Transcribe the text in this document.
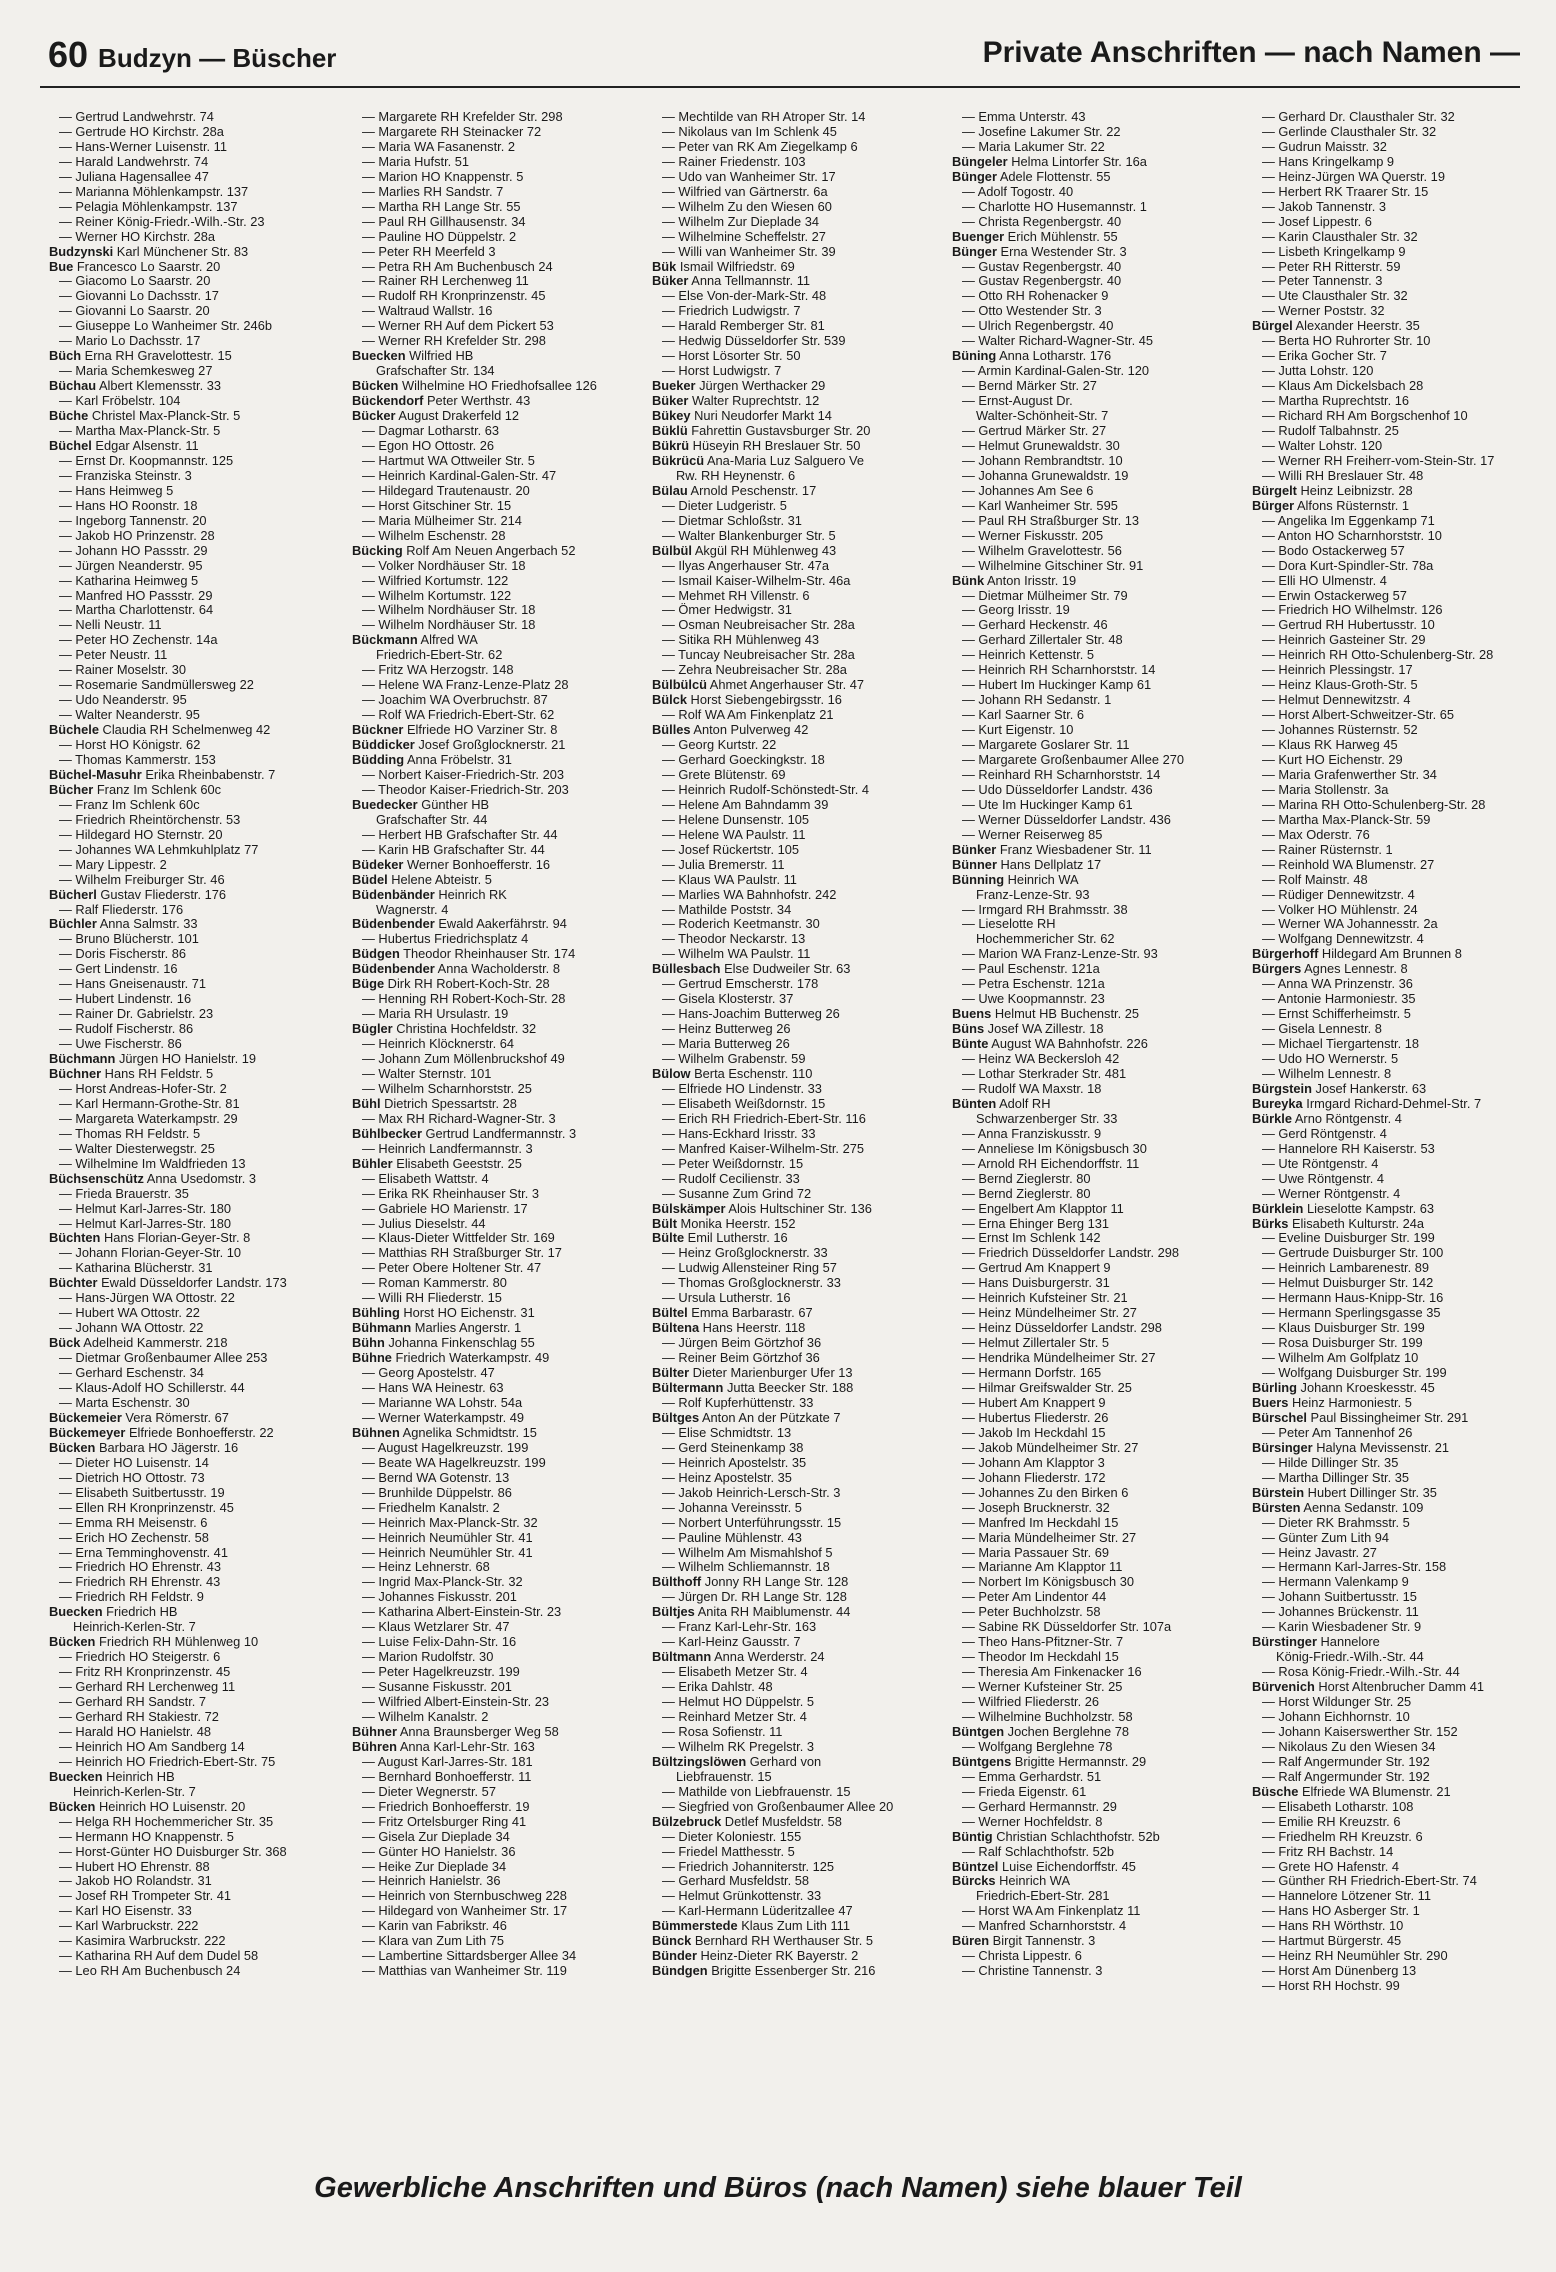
60 Budzyn — Büscher	Private Anschriften — nach Namen —
— Gertrud Landwehrstr. 74
— Gertrude HO Kirchstr. 28a
— Hans-Werner Luisenstr. 11
— Harald Landwehrstr. 74
— Juliana Hagensallee 47
— Marianna Möhlenkampstr. 137
— Pelagia Möhlenkampstr. 137
— Reiner König-Friedr.-Wilh.-Str. 23
— Werner HO Kirchstr. 28a
Budzynski Karl Münchener Str. 83
Bue Francesco Lo Saarstr. 20
— Giacomo Lo Saarstr. 20
— Giovanni Lo Dachsstr. 17
— Giovanni Lo Saarstr. 20
— Giuseppe Lo Wanheimer Str. 246b
— Mario Lo Dachsstr. 17
Büch Erna RH Gravelottestr. 15
— Maria Schemkesweg 27
Büchau Albert Klemensstr. 33
— Karl Fröbelstr. 104
Büche Christel Max-Planck-Str. 5
— Martha Max-Planck-Str. 5
Büchel Edgar Alsenstr. 11
— Ernst Dr. Koopmannstr. 125
— Franziska Steinstr. 3
— Hans Heimweg 5
— Hans HO Roonstr. 18
— Ingeborg Tannenstr. 20
— Jakob HO Prinzenstr. 28
— Johann HO Passstr. 29
— Jürgen Neanderstr. 95
— Katharina Heimweg 5
— Manfred HO Passstr. 29
— Martha Charlottenstr. 64
— Nelli Neustr. 11
— Peter HO Zechenstr. 14a
— Peter Neustr. 11
— Rainer Moselstr. 30
— Rosemarie Sandmüllersweg 22
— Udo Neanderstr. 95
— Walter Neanderstr. 95
Büchele Claudia RH Schelmenweg 42
— Horst HO Königstr. 62
— Thomas Kammerstr. 153
Büchel-Masuhr Erika Rheinbabenstr. 7
Bücher Franz Im Schlenk 60c
— Franz Im Schlenk 60c
— Friedrich Rheintörchenstr. 53
— Hildegard HO Sternstr. 20
— Johannes WA Lehmkuhlplatz 77
— Mary Lippestr. 2
— Wilhelm Freiburger Str. 46
Bücherl Gustav Fliederstr. 176
— Ralf Fliederstr. 176
Büchler Anna Salmstr. 33
— Bruno Blücherstr. 101
— Doris Fischerstr. 86
— Gert Lindenstr. 16
— Hans Gneisenaustr. 71
— Hubert Lindenstr. 16
— Rainer Dr. Gabrielstr. 23
— Rudolf Fischerstr. 86
— Uwe Fischerstr. 86
Büchmann Jürgen HO Hanielstr. 19
Büchner Hans RH Feldstr. 5
— Horst Andreas-Hofer-Str. 2
— Karl Hermann-Grothe-Str. 81
— Margareta Waterkampstr. 29
— Thomas RH Feldstr. 5
— Walter Diesterwegstr. 25
— Wilhelmine Im Waldfrieden 13
Büchsenschütz Anna Usedomstr. 3
— Frieda Brauerstr. 35
— Helmut Karl-Jarres-Str. 180
— Helmut Karl-Jarres-Str. 180
Büchten Hans Florian-Geyer-Str. 8
— Johann Florian-Geyer-Str. 10
— Katharina Blücherstr. 31
Büchter Ewald Düsseldorfer Landstr. 173
— Hans-Jürgen WA Ottostr. 22
— Hubert WA Ottostr. 22
— Johann WA Ottostr. 22
Bück Adelheid Kammerstr. 218
— Dietmar Großenbaumer Allee 253
— Gerhard Eschenstr. 34
— Klaus-Adolf HO Schillerstr. 44
— Marta Eschenstr. 30
Bückemeier Vera Römerstr. 67
Bückemeyer Elfriede Bonhoefferstr. 22
Bücken Barbara HO Jägerstr. 16
— Dieter HO Luisenstr. 14
— Dietrich HO Ottostr. 73
— Elisabeth Suitbertusstr. 19
— Ellen RH Kronprinzenstr. 45
— Emma RH Meisenstr. 6
— Erich HO Zechenstr. 58
— Erna Temminghovenstr. 41
— Friedrich HO Ehrenstr. 43
— Friedrich RH Ehrenstr. 43
— Friedrich RH Feldstr. 9
Buecken Friedrich HB
Heinrich-Kerlen-Str. 7
Bücken Friedrich RH Mühlenweg 10
— Friedrich HO Steigerstr. 6
— Fritz RH Kronprinzenstr. 45
— Gerhard RH Lerchenweg 11
— Gerhard RH Sandstr. 7
— Gerhard RH Stakiestr. 72
— Harald HO Hanielstr. 48
— Heinrich HO Am Sandberg 14
— Heinrich HO Friedrich-Ebert-Str. 75
Buecken Heinrich HB
Heinrich-Kerlen-Str. 7
Bücken Heinrich HO Luisenstr. 20
— Helga RH Hochemmericher Str. 35
— Hermann HO Knappenstr. 5
— Horst-Günter HO Duisburger Str. 368
— Hubert HO Ehrenstr. 88
— Jakob HO Rolandstr. 31
— Josef RH Trompeter Str. 41
— Karl HO Eisenstr. 33
— Karl Warbruckstr. 222
— Kasimira Warbruckstr. 222
— Katharina RH Auf dem Dudel 58
— Leo RH Am Buchenbusch 24
— Margarete RH Krefelder Str. 298
— Margarete RH Steinacker 72
— Maria WA Fasanenstr. 2
— Maria Hufstr. 51
— Marion HO Knappenstr. 5
— Marlies RH Sandstr. 7
— Martha RH Lange Str. 55
— Paul RH Gillhausenstr. 34
— Pauline HO Düppelstr. 2
— Peter RH Meerfeld 3
— Petra RH Am Buchenbusch 24
— Rainer RH Lerchenweg 11
— Rudolf RH Kronprinzenstr. 45
— Waltraud Wallstr. 16
— Werner RH Auf dem Pickert 53
— Werner RH Krefelder Str. 298
Buecken Wilfried HB
Grafschafter Str. 134
Bücken Wilhelmine HO Friedhofsallee 126
Bückendorf Peter Werthstr. 43
Bücker August Drakerfeld 12
— Dagmar Lotharstr. 63
— Egon HO Ottostr. 26
— Hartmut WA Ottweiler Str. 5
— Heinrich Kardinal-Galen-Str. 47
— Hildegard Trautenaustr. 20
— Horst Gitschiner Str. 15
— Maria Mülheimer Str. 214
— Wilhelm Eschenstr. 28
Bücking Rolf Am Neuen Angerbach 52
— Volker Nordhäuser Str. 18
— Wilfried Kortumstr. 122
— Wilhelm Kortumstr. 122
— Wilhelm Nordhäuser Str. 18
— Wilhelm Nordhäuser Str. 18
Bückmann Alfred WA
Friedrich-Ebert-Str. 62
— Fritz WA Herzogstr. 148
— Helene WA Franz-Lenze-Platz 28
— Joachim WA Overbruchstr. 87
— Rolf WA Friedrich-Ebert-Str. 62
Bückner Elfriede HO Varziner Str. 8
Büddicker Josef Großglocknerstr. 21
Büdding Anna Fröbelstr. 31
— Norbert Kaiser-Friedrich-Str. 203
— Theodor Kaiser-Friedrich-Str. 203
Buedecker Günther HB
Grafschafter Str. 44
— Herbert HB Grafschafter Str. 44
— Karin HB Grafschafter Str. 44
Büdeker Werner Bonhoefferstr. 16
Büdel Helene Abteistr. 5
Büdenbänder Heinrich RK
Wagnerstr. 4
Büdenbender Ewald Aakerfährstr. 94
— Hubertus Friedrichsplatz 4
Büdgen Theodor Rheinhauser Str. 174
Büdenbender Anna Wacholderstr. 8
Büge Dirk RH Robert-Koch-Str. 28
— Henning RH Robert-Koch-Str. 28
— Maria RH Ursulastr. 19
Bügler Christina Hochfeldstr. 32
— Heinrich Klöcknerstr. 64
— Johann Zum Möllenbruckshof 49
— Walter Sternstr. 101
— Wilhelm Scharnhorststr. 25
Bühl Dietrich Spessartstr. 28
— Max RH Richard-Wagner-Str. 3
Bühlbecker Gertrud Landfermannstr. 3
— Heinrich Landfermannstr. 3
Bühler Elisabeth Geeststr. 25
— Elisabeth Wattstr. 4
— Erika RK Rheinhauser Str. 3
— Gabriele HO Marienstr. 17
— Julius Dieselstr. 44
— Klaus-Dieter Wittfelder Str. 169
— Matthias RH Straßburger Str. 17
— Peter Obere Holtener Str. 47
— Roman Kammerstr. 80
— Willi RH Fliederstr. 15
Bühling Horst HO Eichenstr. 31
Bühmann Marlies Angerstr. 1
Bühn Johanna Finkenschlag 55
Bühne Friedrich Waterkampstr. 49
— Georg Apostelstr. 47
— Hans WA Heinestr. 63
— Marianne WA Lohstr. 54a
— Werner Waterkampstr. 49
Bühnen Agnelika Schmidtstr. 15
— August Hagelkreuzstr. 199
— Beate WA Hagelkreuzstr. 199
— Bernd WA Gotenstr. 13
— Brunhilde Düppelstr. 86
— Friedhelm Kanalstr. 2
— Heinrich Max-Planck-Str. 32
— Heinrich Neumühler Str. 41
— Heinrich Neumühler Str. 41
— Heinz Lehnerstr. 68
— Ingrid Max-Planck-Str. 32
— Johannes Fiskusstr. 201
— Katharina Albert-Einstein-Str. 23
— Klaus Wetzlarer Str. 47
— Luise Felix-Dahn-Str. 16
— Marion Rudolfstr. 30
— Peter Hagelkreuzstr. 199
— Susanne Fiskusstr. 201
— Wilfried Albert-Einstein-Str. 23
— Wilhelm Kanalstr. 2
Bühner Anna Braunsberger Weg 58
Bühren Anna Karl-Lehr-Str. 163
— August Karl-Jarres-Str. 181
— Bernhard Bonhoefferstr. 11
— Dieter Wegnerstr. 57
— Friedrich Bonhoefferstr. 19
— Fritz Ortelsburger Ring 41
— Gisela Zur Dieplade 34
— Günter HO Hanielstr. 36
— Heike Zur Dieplade 34
— Heinrich Hanielstr. 36
— Heinrich von Sternbuschweg 228
— Hildegard von Wanheimer Str. 17
— Karin van Fabrikstr. 46
— Klara van Zum Lith 75
— Lambertine Sittardsberger Allee 34
— Matthias van Wanheimer Str. 119
— Mechtilde van RH Atroper Str. 14
— Nikolaus van Im Schlenk 45
— Peter van RK Am Ziegelkamp 6
— Rainer Friedenstr. 103
— Udo van Wanheimer Str. 17
— Wilfried van Gärtnerstr. 6a
— Wilhelm Zu den Wiesen 60
— Wilhelm Zur Dieplade 34
— Wilhelmine Scheffelstr. 27
— Willi van Wanheimer Str. 39
Bük Ismail Wilfriedstr. 69
Büker Anna Tellmannstr. 11
— Else Von-der-Mark-Str. 48
— Friedrich Ludwigstr. 7
— Harald Remberger Str. 81
— Hedwig Düsseldorfer Str. 539
— Horst Lösorter Str. 50
— Horst Ludwigstr. 7
Bueker Jürgen Werthacker 29
Büker Walter Ruprechtstr. 12
Bükey Nuri Neudorfer Markt 14
Büklü Fahrettin Gustavsburger Str. 20
Bükrü Hüseyin RH Breslauer Str. 50
Bükrücü Ana-Maria Luz Salguero Ve
Rw. RH Heynenstr. 6
Bülau Arnold Peschenstr. 17
— Dieter Ludgeristr. 5
— Dietmar Schloßstr. 31
— Walter Blankenburger Str. 5
Bülbül Akgül RH Mühlenweg 43
— Ilyas Angerhauser Str. 47a
— Ismail Kaiser-Wilhelm-Str. 46a
— Mehmet RH Villenstr. 6
— Ömer Hedwigstr. 31
— Osman Neubreisacher Str. 28a
— Sitika RH Mühlenweg 43
— Tuncay Neubreisacher Str. 28a
— Zehra Neubreisacher Str. 28a
Bülbülcü Ahmet Angerhauser Str. 47
Bülck Horst Siebengebirgsstr. 16
— Rolf WA Am Finkenplatz 21
Bülles Anton Pulverweg 42
— Georg Kurtstr. 22
— Gerhard Goeckingkstr. 18
— Grete Blütenstr. 69
— Heinrich Rudolf-Schönstedt-Str. 4
— Helene Am Bahndamm 39
— Helene Dunsenstr. 105
— Helene WA Paulstr. 11
— Josef Rückertstr. 105
— Julia Bremerstr. 11
— Klaus WA Paulstr. 11
— Marlies WA Bahnhofstr. 242
— Mathilde Poststr. 34
— Roderich Keetmanstr. 30
— Theodor Neckarstr. 13
— Wilhelm WA Paulstr. 11
Büllesbach Else Dudweiler Str. 63
— Gertrud Emscherstr. 178
— Gisela Klosterstr. 37
— Hans-Joachim Butterweg 26
— Heinz Butterweg 26
— Maria Butterweg 26
— Wilhelm Grabenstr. 59
Bülow Berta Eschenstr. 110
— Elfriede HO Lindenstr. 33
— Elisabeth Weißdornstr. 15
— Erich RH Friedrich-Ebert-Str. 116
— Hans-Eckhard Irisstr. 33
— Manfred Kaiser-Wilhelm-Str. 275
— Peter Weißdornstr. 15
— Rudolf Cecilienstr. 33
— Susanne Zum Grind 72
Bülskämper Alois Hultschiner Str. 136
Bült Monika Heerstr. 152
Bülte Emil Lutherstr. 16
— Heinz Großglocknerstr. 33
— Ludwig Allensteiner Ring 57
— Thomas Großglocknerstr. 33
— Ursula Lutherstr. 16
Bültel Emma Barbarastr. 67
Bültena Hans Heerstr. 118
— Jürgen Beim Görtzhof 36
— Reiner Beim Görtzhof 36
Bülter Dieter Marienburger Ufer 13
Bültermann Jutta Beecker Str. 188
— Rolf Kupferhüttenstr. 33
Bültges Anton An der Pützkate 7
— Elise Schmidtstr. 13
— Gerd Steinenkamp 38
— Heinrich Apostelstr. 35
— Heinz Apostelstr. 35
— Jakob Heinrich-Lersch-Str. 3
— Johanna Vereinsstr. 5
— Norbert Unterführungsstr. 15
— Pauline Mühlenstr. 43
— Wilhelm Am Mismahlshof 5
— Wilhelm Schliemannstr. 18
Bülthoff Jonny RH Lange Str. 128
— Jürgen Dr. RH Lange Str. 128
Bültjes Anita RH Maiblumenstr. 44
— Franz Karl-Lehr-Str. 163
— Karl-Heinz Gausstr. 7
Bültmann Anna Werderstr. 24
— Elisabeth Metzer Str. 4
— Erika Dahlstr. 48
— Helmut HO Düppelstr. 5
— Reinhard Metzer Str. 4
— Rosa Sofienstr. 11
— Wilhelm RK Pregelstr. 3
Bültzingslöwen Gerhard von
Liebfrauenstr. 15
— Mathilde von Liebfrauenstr. 15
— Siegfried von Großenbaumer Allee 20
Bülzebruck Detlef Musfeldstr. 58
— Dieter Koloniestr. 155
— Friedel Matthesstr. 5
— Friedrich Johanniterstr. 125
— Gerhard Musfeldstr. 58
— Helmut Grünkottenstr. 33
— Karl-Hermann Lüderitzallee 47
Bümmerstede Klaus Zum Lith 111
Bünck Bernhard RH Werthauser Str. 5
Bünder Heinz-Dieter RK Bayerstr. 2
Bündgen Brigitte Essenberger Str. 216
— Emma Unterstr. 43
— Josefine Lakumer Str. 22
— Maria Lakumer Str. 22
Büngeler Helma Lintorfer Str. 16a
Bünger Adele Flottenstr. 55
— Adolf Togostr. 40
— Charlotte HO Husemannstr. 1
— Christa Regenbergstr. 40
Buenger Erich Mühlenstr. 55
Bünger Erna Westender Str. 3
— Gustav Regenbergstr. 40
— Gustav Regenbergstr. 40
— Otto RH Rohenacker 9
— Otto Westender Str. 3
— Ulrich Regenbergstr. 40
— Walter Richard-Wagner-Str. 45
Büning Anna Lotharstr. 176
— Armin Kardinal-Galen-Str. 120
— Bernd Märker Str. 27
— Ernst-August Dr.
Walter-Schönheit-Str. 7
— Gertrud Märker Str. 27
— Helmut Grunewaldstr. 30
— Johann Rembrandtstr. 10
— Johanna Grunewaldstr. 19
— Johannes Am See 6
— Karl Wanheimer Str. 595
— Paul RH Straßburger Str. 13
— Werner Fiskusstr. 205
— Wilhelm Gravelottestr. 56
— Wilhelmine Gitschiner Str. 91
Bünk Anton Irisstr. 19
— Dietmar Mülheimer Str. 79
— Georg Irisstr. 19
— Gerhard Heckenstr. 46
— Gerhard Zillertaler Str. 48
— Heinrich Kettenstr. 5
— Heinrich RH Scharnhorststr. 14
— Hubert Im Huckinger Kamp 61
— Johann RH Sedanstr. 1
— Karl Saarner Str. 6
— Kurt Eigenstr. 10
— Margarete Goslarer Str. 11
— Margarete Großenbaumer Allee 270
— Reinhard RH Scharnhorststr. 14
— Udo Düsseldorfer Landstr. 436
— Ute Im Huckinger Kamp 61
— Werner Düsseldorfer Landstr. 436
— Werner Reiserweg 85
Bünker Franz Wiesbadener Str. 11
Bünner Hans Dellplatz 17
Bünning Heinrich WA
Franz-Lenze-Str. 93
— Irmgard RH Brahmsstr. 38
— Lieselotte RH
Hochemmericher Str. 62
— Marion WA Franz-Lenze-Str. 93
— Paul Eschenstr. 121a
— Petra Eschenstr. 121a
— Uwe Koopmannstr. 23
Buens Helmut HB Buchenstr. 25
Büns Josef WA Zillestr. 18
Bünte August WA Bahnhofstr. 226
— Heinz WA Beckersloh 42
— Lothar Sterkrader Str. 481
— Rudolf WA Maxstr. 18
Bünten Adolf RH
Schwarzenberger Str. 33
— Anna Franziskusstr. 9
— Anneliese Im Königsbusch 30
— Arnold RH Eichendorffstr. 11
— Bernd Zieglerstr. 80
— Bernd Zieglerstr. 80
— Engelbert Am Klapptor 11
— Erna Ehinger Berg 131
— Ernst Im Schlenk 142
— Friedrich Düsseldorfer Landstr. 298
— Gertrud Am Knappert 9
— Hans Duisburgerstr. 31
— Heinrich Kufsteiner Str. 21
— Heinz Mündelheimer Str. 27
— Heinz Düsseldorfer Landstr. 298
— Helmut Zillertaler Str. 5
— Hendrika Mündelheimer Str. 27
— Hermann Dorfstr. 165
— Hilmar Greifswalder Str. 25
— Hubert Am Knappert 9
— Hubertus Fliederstr. 26
— Jakob Im Heckdahl 15
— Jakob Mündelheimer Str. 27
— Johann Am Klapptor 3
— Johann Fliederstr. 172
— Johannes Zu den Birken 6
— Joseph Brucknerstr. 32
— Manfred Im Heckdahl 15
— Maria Mündelheimer Str. 27
— Maria Passauer Str. 69
— Marianne Am Klapptor 11
— Norbert Im Königsbusch 30
— Peter Am Lindentor 44
— Peter Buchholzstr. 58
— Sabine RK Düsseldorfer Str. 107a
— Theo Hans-Pfitzner-Str. 7
— Theodor Im Heckdahl 15
— Theresia Am Finkenacker 16
— Werner Kufsteiner Str. 25
— Wilfried Fliederstr. 26
— Wilhelmine Buchholzstr. 58
Büntgen Jochen Berglehne 78
— Wolfgang Berglehne 78
Büntgens Brigitte Hermannstr. 29
— Emma Gerhardstr. 51
— Frieda Eigenstr. 61
— Gerhard Hermannstr. 29
— Werner Hochfeldstr. 8
Büntig Christian Schlachthofstr. 52b
— Ralf Schlachthofstr. 52b
Büntzel Luise Eichendorffstr. 45
Bürcks Heinrich WA
Friedrich-Ebert-Str. 281
— Horst WA Am Finkenplatz 11
— Manfred Scharnhorststr. 4
Büren Birgit Tannenstr. 3
— Christa Lippestr. 6
— Christine Tannenstr. 3
— Gerhard Dr. Clausthaler Str. 32
— Gerlinde Clausthaler Str. 32
— Gudrun Maisstr. 32
— Hans Kringelkamp 9
— Heinz-Jürgen WA Querstr. 19
— Herbert RK Traarer Str. 15
— Jakob Tannenstr. 3
— Josef Lippestr. 6
— Karin Clausthaler Str. 32
— Lisbeth Kringelkamp 9
— Peter RH Ritterstr. 59
— Peter Tannenstr. 3
— Ute Clausthaler Str. 32
— Werner Poststr. 32
Bürgel Alexander Heerstr. 35
— Berta HO Ruhrorter Str. 10
— Erika Gocher Str. 7
— Jutta Lohstr. 120
— Klaus Am Dickelsbach 28
— Martha Ruprechtstr. 16
— Richard RH Am Borgschenhof 10
— Rudolf Talbahnstr. 25
— Walter Lohstr. 120
— Werner RH Freiherr-vom-Stein-Str. 17
— Willi RH Breslauer Str. 48
Bürgelt Heinz Leibnizstr. 28
Bürger Alfons Rüsternstr. 1
— Angelika Im Eggenkamp 71
— Anton HO Scharnhorststr. 10
— Bodo Ostackerweg 57
— Dora Kurt-Spindler-Str. 78a
— Elli HO Ulmenstr. 4
— Erwin Ostackerweg 57
— Friedrich HO Wilhelmstr. 126
— Gertrud RH Hubertusstr. 10
— Heinrich Gasteiner Str. 29
— Heinrich RH Otto-Schulenberg-Str. 28
— Heinrich Plessingstr. 17
— Heinz Klaus-Groth-Str. 5
— Helmut Dennewitzstr. 4
— Horst Albert-Schweitzer-Str. 65
— Johannes Rüsternstr. 52
— Klaus RK Harweg 45
— Kurt HO Eichenstr. 29
— Maria Grafenwerther Str. 34
— Maria Stollenstr. 3a
— Marina RH Otto-Schulenberg-Str. 28
— Martha Max-Planck-Str. 59
— Max Oderstr. 76
— Rainer Rüsternstr. 1
— Reinhold WA Blumenstr. 27
— Rolf Mainstr. 48
— Rüdiger Dennewitzstr. 4
— Volker HO Mühlenstr. 24
— Werner WA Johannesstr. 2a
— Wolfgang Dennewitzstr. 4
Bürgerhoff Hildegard Am Brunnen 8
Bürgers Agnes Lennestr. 8
— Anna WA Prinzenstr. 36
— Antonie Harmoniestr. 35
— Ernst Schifferheimstr. 5
— Gisela Lennestr. 8
— Michael Tiergartenstr. 18
— Udo HO Wernerstr. 5
— Wilhelm Lennestr. 8
Bürgstein Josef Hankerstr. 63
Bureyka Irmgard Richard-Dehmel-Str. 7
Bürkle Arno Röntgenstr. 4
— Gerd Röntgenstr. 4
— Hannelore RH Kaiserstr. 53
— Ute Röntgenstr. 4
— Uwe Röntgenstr. 4
— Werner Röntgenstr. 4
Bürklein Lieselotte Kampstr. 63
Bürks Elisabeth Kulturstr. 24a
— Eveline Duisburger Str. 199
— Gertrude Duisburger Str. 100
— Heinrich Lambarenestr. 89
— Helmut Duisburger Str. 142
— Hermann Haus-Knipp-Str. 16
— Hermann Sperlingsgasse 35
— Klaus Duisburger Str. 199
— Rosa Duisburger Str. 199
— Wilhelm Am Golfplatz 10
— Wolfgang Duisburger Str. 199
Bürling Johann Kroeskesstr. 45
Buers Heinz Harmoniestr. 5
Bürschel Paul Bissingheimer Str. 291
— Peter Am Tannenhof 26
Bürsinger Halyna Mevissenstr. 21
— Hilde Dillinger Str. 35
— Martha Dillinger Str. 35
Bürstein Hubert Dillinger Str. 35
Bürsten Aenna Sedanstr. 109
— Dieter RK Brahmsstr. 5
— Günter Zum Lith 94
— Heinz Javastr. 27
— Hermann Karl-Jarres-Str. 158
— Hermann Valenkamp 9
— Johann Suitbertusstr. 15
— Johannes Brückenstr. 11
— Karin Wiesbadener Str. 9
Bürstinger Hannelore
König-Friedr.-Wilh.-Str. 44
— Rosa König-Friedr.-Wilh.-Str. 44
Bürvenich Horst Altenbrucher Damm 41
— Horst Wildunger Str. 25
— Johann Eichhornstr. 10
— Johann Kaiserswerther Str. 152
— Nikolaus Zu den Wiesen 34
— Ralf Angermunder Str. 192
— Ralf Angermunder Str. 192
Büsche Elfriede WA Blumenstr. 21
— Elisabeth Lotharstr. 108
— Emilie RH Kreuzstr. 6
— Friedhelm RH Kreuzstr. 6
— Fritz RH Bachstr. 14
— Grete HO Hafenstr. 4
— Günther RH Friedrich-Ebert-Str. 74
— Hannelore Lötzener Str. 11
— Hans HO Asberger Str. 1
— Hans RH Wörthstr. 10
— Hartmut Bürgerstr. 45
— Heinz RH Neumühler Str. 290
— Horst Am Dünenberg 13
— Horst RH Hochstr. 99
Gewerbliche Anschriften und Büros (nach Namen) siehe blauer Teil
